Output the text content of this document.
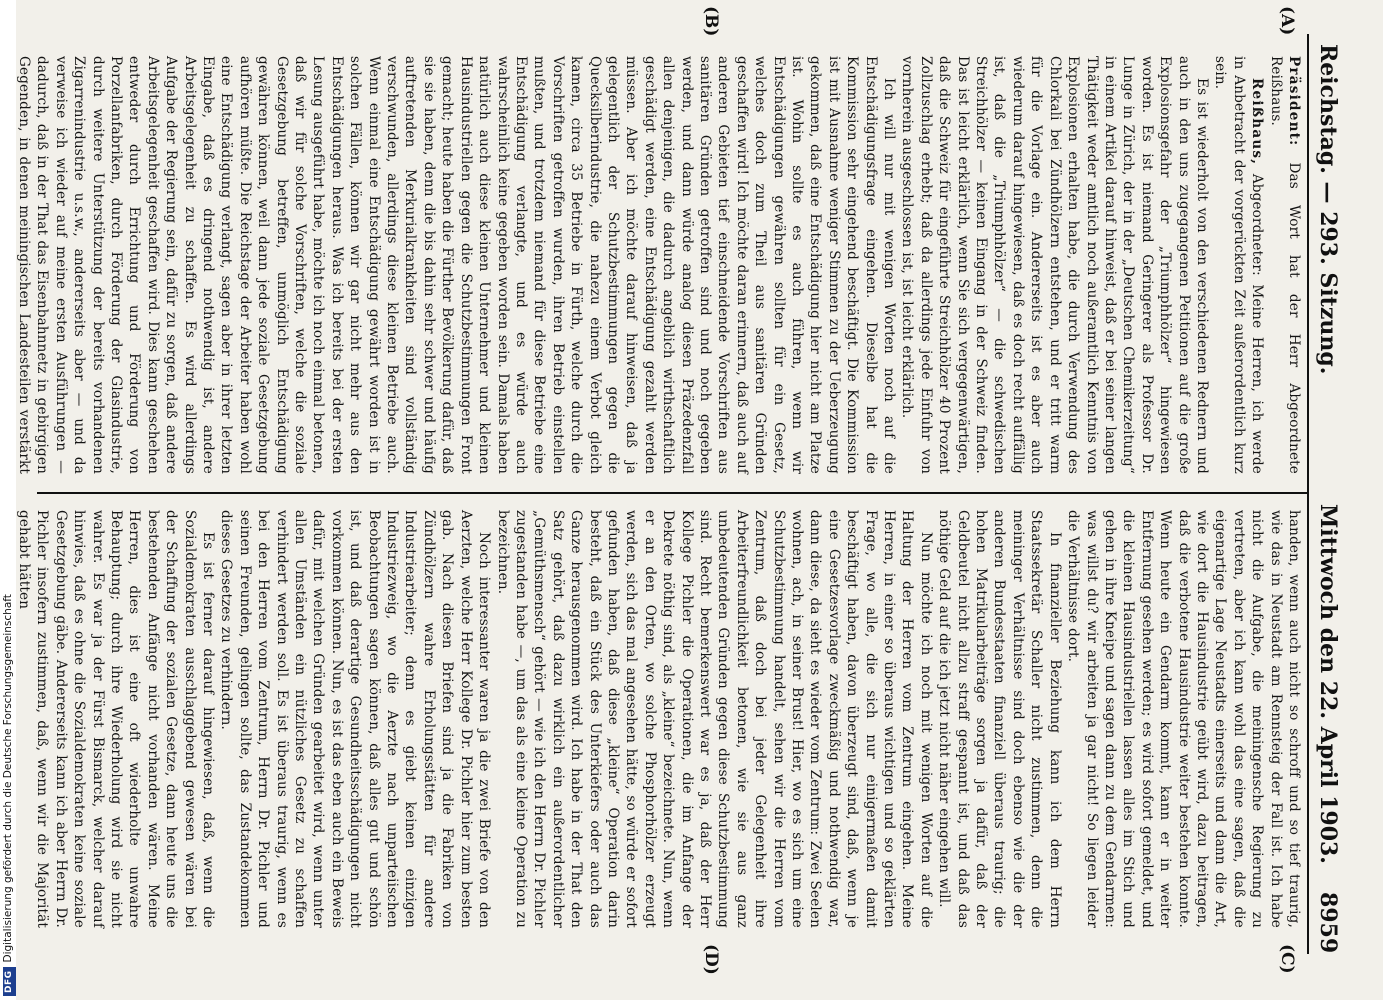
Reichstag. — 293. Sitzung.
Mittwoch den 22. April 1903.
8959
(A)
(B)
(C)
(D)

Präsident: Das Wort hat der Herr Abgeordnete Reißhaus.

Reißhaus, Abgeordneter: Meine Herren, ich werde in Anbetracht der vorgerückten Zeit außerordentlich kurz sein.

Es ist wiederholt von den verschiedenen Rednern und auch in den uns zugegangenen Petitionen auf die große Explosionsgefahr der „Triumphhölzer“ hingewiesen worden. Es ist niemand Geringerer als Professor Dr. Lunge in Zürich, der in der „Deutschen Chemikerzeitung“ in einem Artikel darauf hinweist, daß er bei seiner langen Thätigkeit weder amtlich noch außeramtlich Kenntnis von Explosionen erhalten habe, die durch Verwendung des Chlorkali bei Zündhölzern entstehen, und er tritt warm für die Vorlage ein. Andererseits ist es aber auch wiederum darauf hingewiesen, daß es doch recht auffällig ist, daß die „Triumphhölzer“ — die schwedischen Streichhölzer — keinen Eingang in der Schweiz finden. Das ist leicht erklärlich, wenn Sie sich vergegenwärtigen, daß die Schweiz für eingeführte Streichhölzer 40 Prozent Zollzuschlag erhebt; daß da allerdings jede Einfuhr von vornherein ausgeschlossen ist, ist leicht erklärlich.

Ich will nur mit wenigen Worten noch auf die Entschädigungsfrage eingehen. Dieselbe hat die Kommission sehr eingehend beschäftigt. Die Kommission ist mit Ausnahme weniger Stimmen zu der Ueberzeugung gekommen, daß eine Entschädigung hier nicht am Platze ist. Wohin sollte es auch führen, wenn wir Entschädigungen gewähren sollten für ein Gesetz, welches doch zum Theil aus sanitären Gründen geschaffen wird! Ich möchte daran erinnern, daß auch auf anderen Gebieten tief einschneidende Vorschriften aus sanitären Gründen getroffen sind und noch gegeben werden, und dann würde analog diesen Präzedenzfall allen denjenigen, die dadurch angeblich wirthschaftlich geschädigt werden, eine Entschädigung gezahlt werden müssen. Aber ich möchte darauf hinweisen, daß ja gelegentlich der Schutzbestimmungen gegen die Quecksilberindustrie, die nahezu einem Verbot gleich kamen, circa 35 Betriebe in Fürth, welche durch die Vorschriften getroffen wurden, ihren Betrieb einstellen mußten, und trotzdem niemand für diese Betriebe eine Entschädigung verlangte, und es würde auch wahrscheinlich keine gegeben worden sein. Damals haben natürlich auch diese kleinen Unternehmer und kleinen Hausindustriellen gegen die Schutzbestimmungen Front gemacht; heute haben die Fürther Bevölkerung dafür, daß sie sie haben, denn die bis dahin sehr schwer und häufig auftretenden Merkurialkrankheiten sind vollständig verschwunden, allerdings diese kleinen Betriebe auch. Wenn einmal eine Entschädigung gewährt worden ist in solchen Fällen, können wir gar nicht mehr aus den Entschädigungen heraus. Was ich bereits bei der ersten Lesung ausgeführt habe, möchte ich noch einmal betonen, daß wir für solche Vorschriften, welche die soziale Gesetzgebung betreffen, unmöglich Entschädigung gewähren können, weil dann jede soziale Gesetzgebung aufhören müßte. Die Reichstage der Arbeiter haben wohl eine Entschädigung verlangt, sagen aber in ihrer letzten Eingabe, daß es dringend nothwendig ist, andere Arbeitsgelegenheit zu schaffen. Es wird allerdings Aufgabe der Regierung sein, dafür zu sorgen, daß andere Arbeitsgelegenheit geschaffen wird. Dies kann geschehen entweder durch Errichtung und Förderung von Porzellanfabriken, durch Förderung der Glasindustrie, durch weitere Unterstützung der bereits vorhandenen Zigarrenindustrie u.s.w., andererseits aber — und da verweise ich wieder auf meine ersten Ausführungen — dadurch, daß in der That das Eisenbahnnetz in gebirgigen Gegenden, in denen meiningischen Landesteilen verstärkt

handen, wenn auch nicht so schroff und so tief traurig, wie das in Neustadt am Rennsteig der Fall ist. Ich habe nicht die Aufgabe, die meiningensche Regierung zu vertreten, aber ich kann wohl das eine sagen, daß die eigenartige Lage Neustadts einerseits und dann die Art, wie dort die Hausindustrie geübt wird, dazu beitragen, daß die verbotene Hausindustrie weiter bestehen konnte. Wenn heute ein Gendarm kommt, kann er in weiter Entfernung gesehen werden; es wird sofort gemeldet, und die kleinen Hausindustriellen lassen alles im Stich und gehen in ihre Kneipe und sagen dann zu dem Gendarmen: was willst du? wir arbeiten ja gar nicht! So liegen leider die Verhältnisse dort.

In finanzieller Beziehung kann ich dem Herrn Staatssekretär Schaller nicht zustimmen, denn die meininger Verhältnisse sind doch ebenso wie die der anderen Bundesstaaten finanziell überaus traurig; die hohen Matrikularbeiträge sorgen ja dafür, daß der Geldbeutel nicht allzu straff gespannt ist, und daß das nöthige Geld auf die ich jetzt nicht näher eingehen will.

Nun möchte ich noch mit wenigen Worten auf die Haltung der Herren vom Zentrum eingehen. Meine Herren, in einer so überaus wichtigen und so geklärten Frage, wo alle, die sich nur einigermaßen damit beschäftigt haben, davon überzeugt sind, daß, wenn je eine Gesetzesvorlage zweckmäßig und nothwendig war, dann diese, da sieht es wieder vom Zentrum: Zwei Seelen wohnen, ach, in seiner Brust! Hier, wo es sich um eine Schutzbestimmung handelt, sehen wir die Herren vom Zentrum, daß doch bei jeder Gelegenheit ihre Arbeiterfreundlichkeit betonen, wie sie aus ganz unbedeutenden Gründen gegen diese Schutzbestimmung sind. Recht bemerkenswert war es ja, daß der Herr Kollege Pichler die Operationen, die im Anfange der Dekrete nöthig sind, als „kleine“ bezeichnete. Nun, wenn er an den Orten, wo solche Phosphorhölzer erzeugt werden, sich das mal angesehen hätte, so würde er sofort gefunden haben, daß diese „kleine“ Operation darin besteht, daß ein Stück des Unterkiefers oder auch das Ganze herausgenommen wird. Ich habe in der That den Satz gehört, daß dazu wirklich ein außerordentlicher „Gemüthsmensch“ gehört — wie ich den Herrn Dr. Pichler zugestanden habe —, um das als eine kleine Operation zu bezeichnen.

Noch interessanter waren ja die zwei Briefe von den Aerzten, welche Herr Kollege Dr. Pichler hier zum besten gab. Nach diesen Briefen sind ja die Fabriken von Zündhölzern wahre Erholungsstätten für andere Industriearbeiter; denn es giebt keinen einzigen Industriezweig, wo die Aerzte nach unparteiischen Beobachtungen sagen können, daß alles gut und schön ist, und daß derartige Gesundheitsschädigungen nicht vorkommen können. Nun, es ist das eben auch ein Beweis dafür, mit welchen Gründen gearbeitet wird, wenn unter allen Umständen ein nützliches Gesetz zu schaffen verhindert werden soll. Es ist überaus traurig, wenn es bei den Herren vom Zentrum, Herrn Dr. Pichler und seinen Freunden, gelingen sollte, das Zustandekommen dieses Gesetzes zu verhindern.

Es ist ferner darauf hingewiesen, daß, wenn die Sozialdemokraten ausschlaggebend gewesen wären bei der Schaffung der sozialen Gesetze, dann heute uns die bestehenden Anfänge nicht vorhanden wären. Meine Herren, dies ist eine oft wiederholte unwahre Behauptung; durch ihre Wiederholung wird sie nicht wahrer. Es war ja der Fürst Bismarck, welcher darauf hinwies, daß es ohne die Sozialdemokraten keine soziale Gesetzgebung gäbe. Andererseits kann ich aber Herrn Dr. Pichler insofern zustimmen, daß, wenn wir die Majorität gehabt hätten

DFGDigitalisierung gefördert durch die Deutsche Forschungsgemeinschaft
